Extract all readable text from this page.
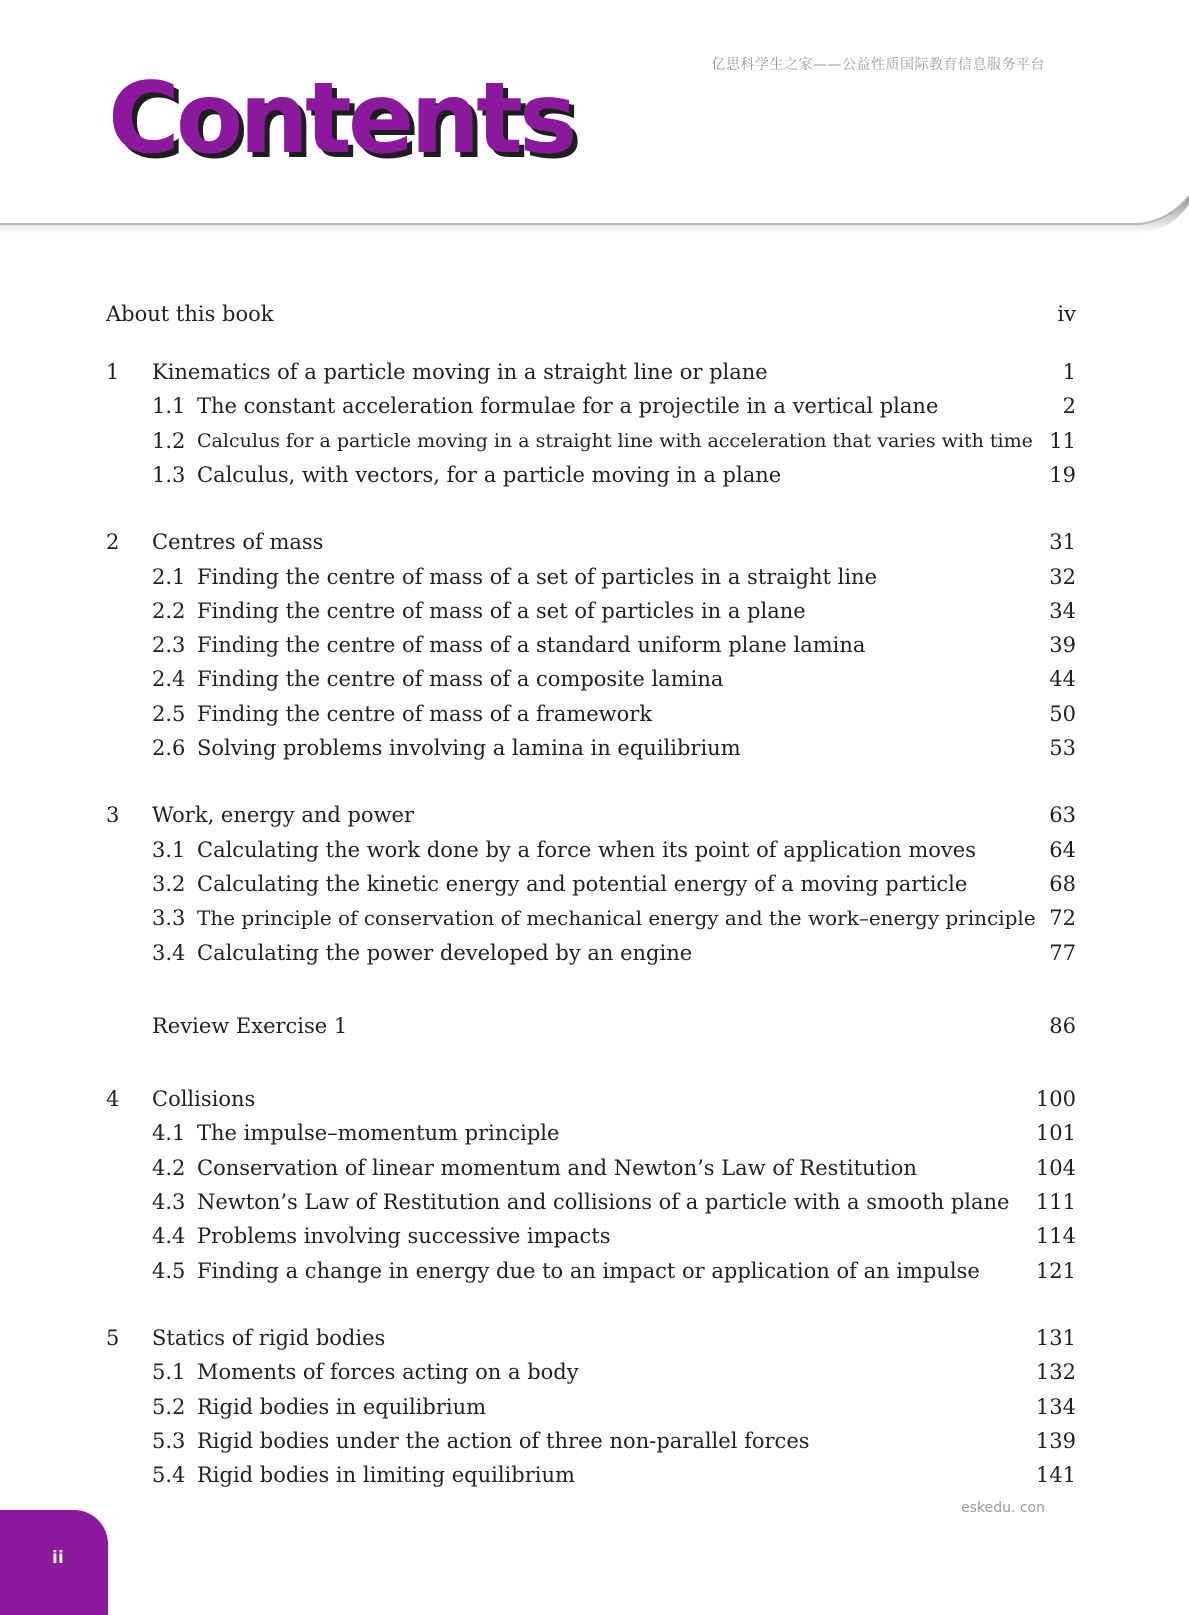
亿思科学生之家——公益性质国际教育信息服务平台
Contents
About this book	iv
1 Kinematics of a particle moving in a straight line or plane	1
1.1 The constant acceleration formulae for a projectile in a vertical plane	2
1.2 Calculus for a particle moving in a straight line with acceleration that varies with time 11
1.3 Calculus, with vectors, for a particle moving in a plane	19
2 Centres of mass	31
2.1 Finding the centre of mass of a set of particles in a straight line	32
2.2 Finding the centre of mass of a set of particles in a plane	34
2.3 Finding the centre of mass of a standard uniform plane lamina	39
2.4 Finding the centre of mass of a composite lamina	44
2.5 Finding the centre of mass of a framework	50
2.6 Solving problems involving a lamina in equilibrium	53
3 Work, energy and power	63
3.1 Calculating the work done by a force when its point of application moves	64
3.2 Calculating the kinetic energy and potential energy of a moving particle	68
3.3 The principle of conservation of mechanical energy and the work–energy principle 72
3.4 Calculating the power developed by an engine	77
Review Exercise 1	86
4 Collisions	100
4.1 The impulse–momentum principle	101
4.2 Conservation of linear momentum and Newton’s Law of Restitution	104
4.3 Newton’s Law of Restitution and collisions of a particle with a smooth plane 111
4.4 Problems involving successive impacts	114
4.5 Finding a change in energy due to an impact or application of an impulse	121
5 Statics of rigid bodies	131
5.1 Moments of forces acting on a body	132
5.2 Rigid bodies in equilibrium	134
5.3 Rigid bodies under the action of three non-parallel forces	139
5.4 Rigid bodies in limiting equilibrium	141
eskedu. con
ii
